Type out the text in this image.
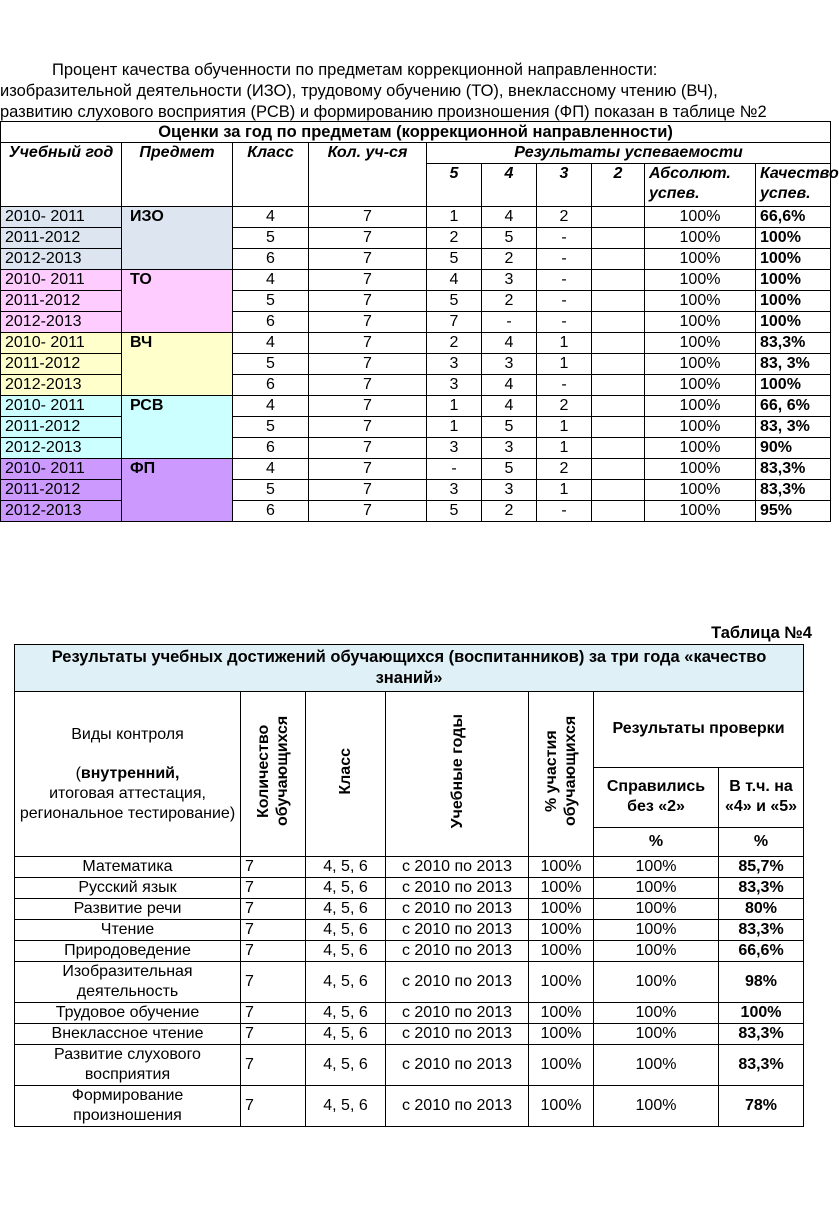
Процент качества обученности по предметам коррекционной направленности:
изобразительной деятельности (ИЗО), трудовому обучению (ТО), внеклассному чтению (ВЧ),
развитию слухового восприятия (РСВ) и формированию произношения (ФП) показан в таблице №2
Оценки за год по предметам (коррекционной направленности)									
Учебный год	Предмет	Класс	Кол. уч-ся	Результаты успеваемости					
				5	4	3	2	Абсолют. успев.	Качество успев.
2010- 2011	ИЗО	4	7	1	4	2		100%	66,6%
2011-2012		5	7	2	5	-		100%	100%
2012-2013		6	7	5	2	-		100%	100%
2010- 2011	ТО	4	7	4	3	-		100%	100%
2011-2012		5	7	5	2	-		100%	100%
2012-2013		6	7	7	-	-		100%	100%
2010- 2011	ВЧ	4	7	2	4	1		100%	83,3%
2011-2012		5	7	3	3	1		100%	83, 3%
2012-2013		6	7	3	4	-		100%	100%
2010- 2011	РСВ	4	7	1	4	2		100%	66, 6%
2011-2012		5	7	1	5	1		100%	83, 3%
2012-2013		6	7	3	3	1		100%	90%
2010- 2011	ФП	4	7	-	5	2		100%	83,3%
2011-2012		5	7	3	3	1		100%	83,3%
2012-2013		6	7	5	2	-		100%	95%
Таблица №4
Результаты учебных достижений обучающихся (воспитанников) за три года «качество знаний»						

Виды контроля
(внутренний,
итоговая аттестация, региональное тестирование)	Количество обучающихся	Класс	Учебные годы	% участия обучающихся	Результаты проверки	
					Справились без «2»	В т.ч. на «4» и «5»
					%	%
Математика	7	4, 5, 6	с 2010 по 2013	100%	100%	85,7%
Русский язык	7	4, 5, 6	с 2010 по 2013	100%	100%	83,3%
Развитие речи	7	4, 5, 6	с 2010 по 2013	100%	100%	80%
Чтение	7	4, 5, 6	с 2010 по 2013	100%	100%	83,3%
Природоведение	7	4, 5, 6	с 2010 по 2013	100%	100%	66,6%
Изобразительная деятельность	7	4, 5, 6	с 2010 по 2013	100%	100%	98%
Трудовое обучение	7	4, 5, 6	с 2010 по 2013	100%	100%	100%
Внеклассное чтение	7	4, 5, 6	с 2010 по 2013	100%	100%	83,3%
Развитие слухового восприятия	7	4, 5, 6	с 2010 по 2013	100%	100%	83,3%
Формирование произношения	7	4, 5, 6	с 2010 по 2013	100%	100%	78%
